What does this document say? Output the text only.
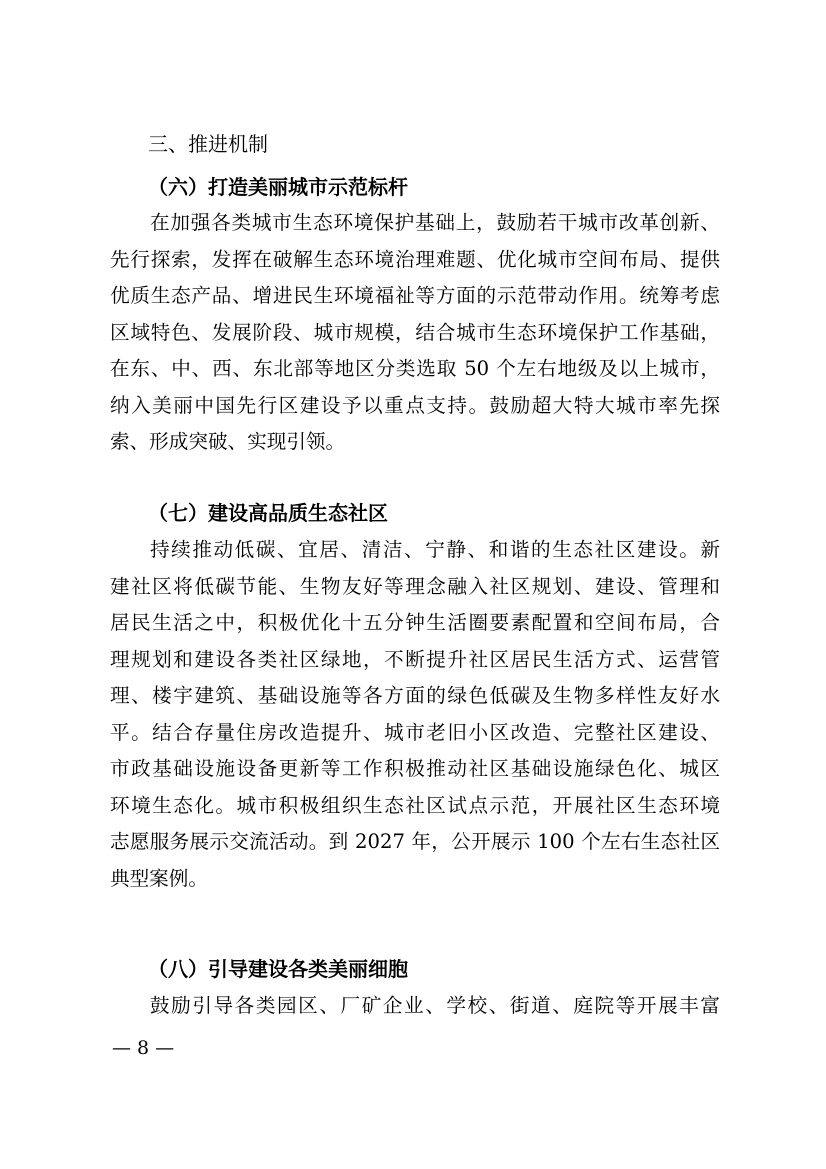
三、推进机制
（六）打造美丽城市示范标杆
在加强各类城市生态环境保护基础上，鼓励若干城市改革创新、
先行探索，发挥在破解生态环境治理难题、优化城市空间布局、提供
优质生态产品、增进民生环境福祉等方面的示范带动作用。统筹考虑
区域特色、发展阶段、城市规模，结合城市生态环境保护工作基础，
在东、中、西、东北部等地区分类选取 50 个左右地级及以上城市，
纳入美丽中国先行区建设予以重点支持。鼓励超大特大城市率先探
索、形成突破、实现引领。
（七）建设高品质生态社区
持续推动低碳、宜居、清洁、宁静、和谐的生态社区建设。新
建社区将低碳节能、生物友好等理念融入社区规划、建设、管理和
居民生活之中，积极优化十五分钟生活圈要素配置和空间布局，合
理规划和建设各类社区绿地，不断提升社区居民生活方式、运营管
理、楼宇建筑、基础设施等各方面的绿色低碳及生物多样性友好水
平。结合存量住房改造提升、城市老旧小区改造、完整社区建设、
市政基础设施设备更新等工作积极推动社区基础设施绿色化、城区
环境生态化。城市积极组织生态社区试点示范，开展社区生态环境
志愿服务展示交流活动。到 2027 年，公开展示 100 个左右生态社区
典型案例。
（八）引导建设各类美丽细胞
鼓励引导各类园区、厂矿企业、学校、街道、庭院等开展丰富
— 8 —
